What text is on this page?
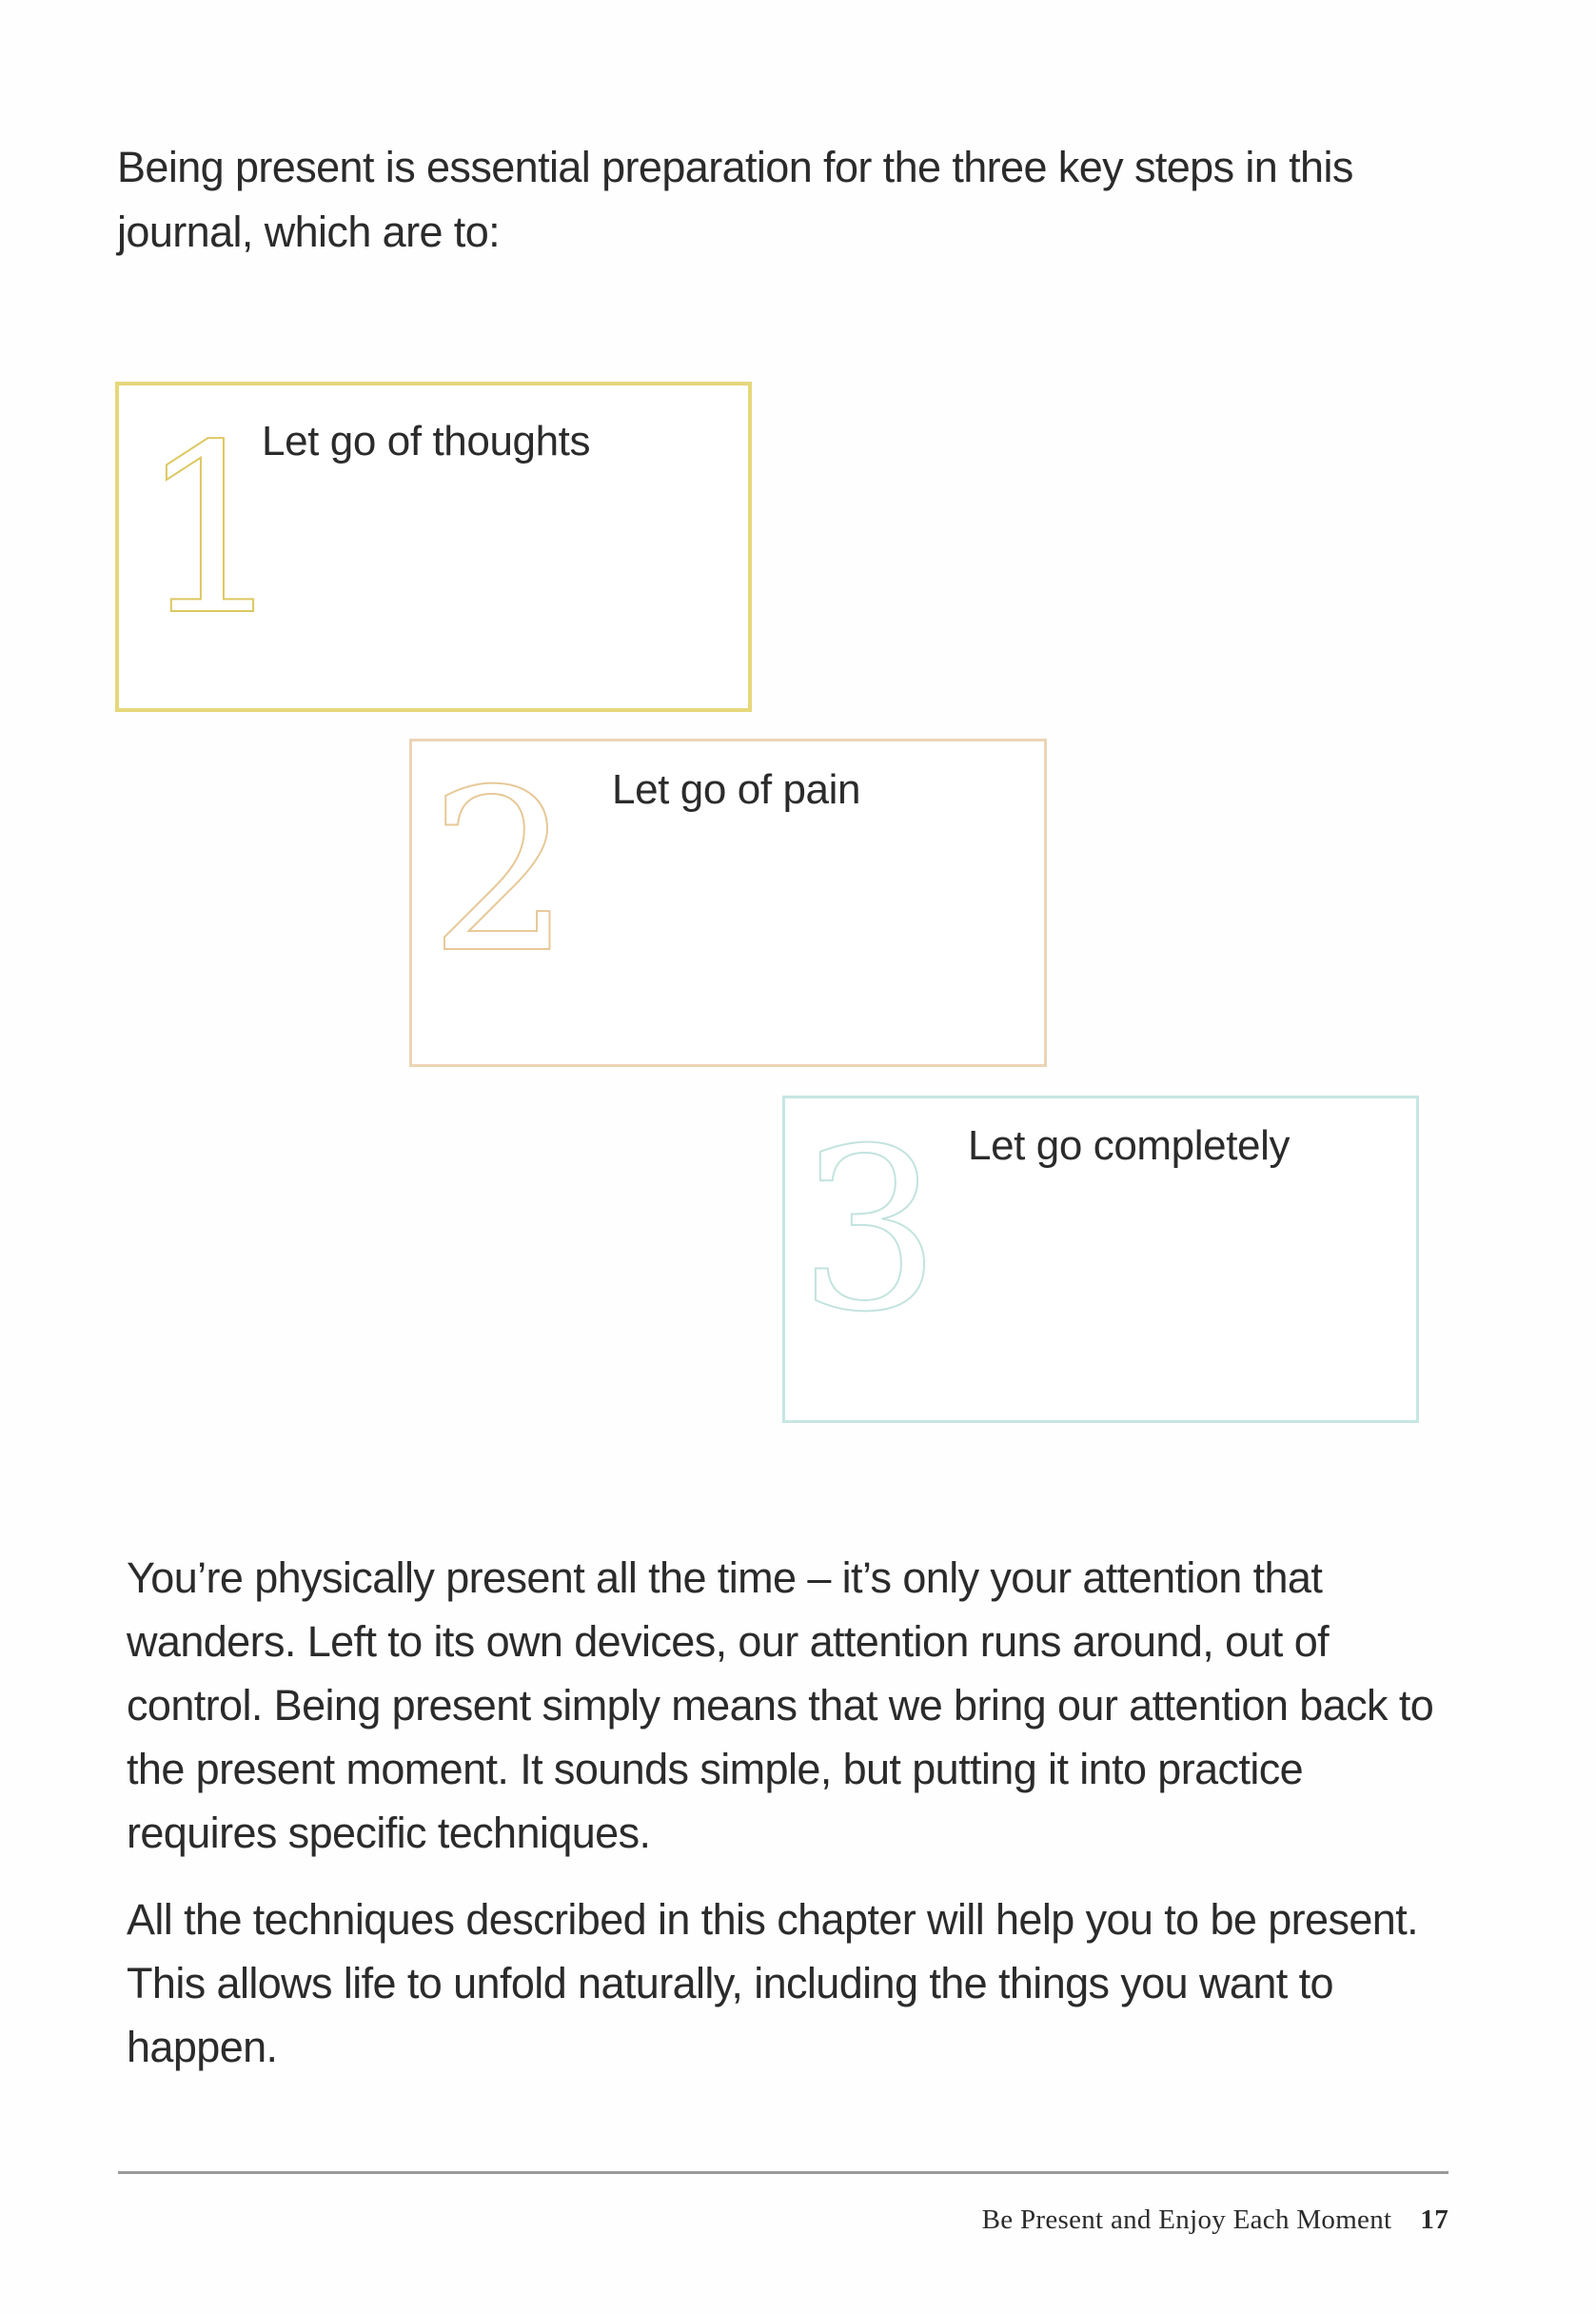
Being present is essential preparation for the three key steps in this journal, which are to:

1
Let go of thoughts
2 Let go of pain
3 Let go completely

You’re physically present all the time – it’s only your attention that wanders. Left to its own devices, our attention runs around, out of control. Being present simply means that we bring our attention back to the present moment. It sounds simple, but putting it into practice requires specific techniques.

All the techniques described in this chapter will help you to be present. This allows life to unfold naturally, including the things you want to happen.

Be Present and Enjoy Each Moment 17
